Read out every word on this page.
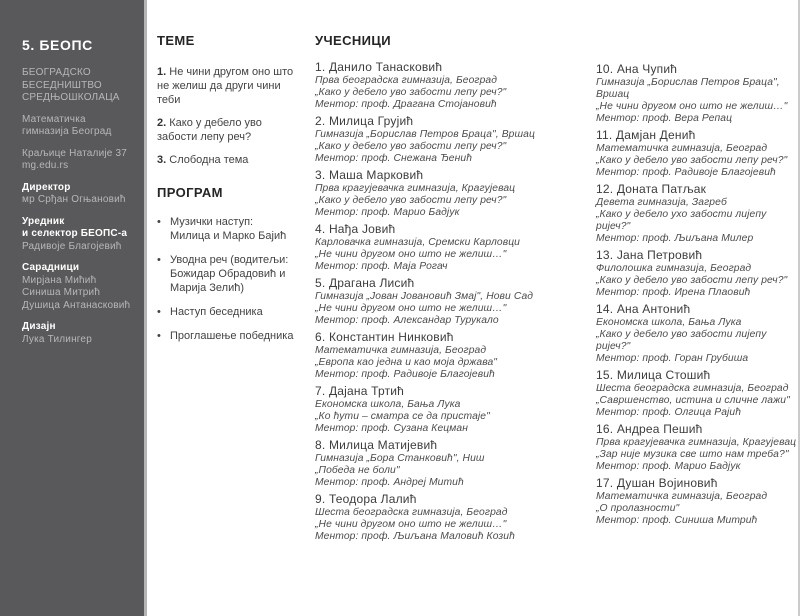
5. БЕОПС
БЕОГРАДСКО
БЕСЕДНИШТВО
СРЕДЊОШКОЛАЦА
Математичка
гимназија Београд
Краљице Наталије 37
mg.edu.rs
Директор
мр Срђан Огњановић
Уредник
и селектор БЕОПС-а
Радивоје Благојевић
Сарадници
Мирјана Мићић
Синиша Митрић
Душица Антанасковић
Дизајн
Лука Тилингер
ТЕМЕ
1. Не чини другом оно што не желиш да други чини теби
2. Како у дебело уво забости лепу реч?
3. Слободна тема
ПРОГРАМ
• Музички наступ: Милица и Марко Бајић
• Уводна реч (водитељи: Божидар Обрадовић и Марија Зелић)
• Наступ беседника
• Проглашење победника
УЧЕСНИЦИ
1. Данило Танасковић
Прва београдска гимназија, Београд
„Како у дебело уво забости лепу реч?"
Ментор: проф. Драгана Стојановић
2. Милица Грујић
Гимназија „Борислав Петров Браца", Вршац
„Како у дебело уво забости лепу реч?"
Ментор: проф. Снежана Ђенић
3. Маша Марковић
Прва крагујевачка гимназија, Крагујевац
„Како у дебело уво забости лепу реч?"
Ментор: проф. Марио Бадјук
4. Нађа Јовић
Карловачка гимназија, Сремски Карловци
„Не чини другом оно што не желиш…"
Ментор: проф. Маја Рогач
5. Драгана Лисић
Гимназија „Јован Јовановић Змај", Нови Сад
„Не чини другом оно што не желиш…"
Ментор: проф. Александар Турукало
6. Константин Нинковић
Математичка гимназија, Београд
„Европа као једна и као моја држава"
Ментор: проф. Радивоје Благојевић
7. Дајана Тртић
Економска школа, Бања Лука
„Ко ћути – сматра се да пристаје"
Ментор: проф. Сузана Кецман
8. Милица Матијевић
Гимназија „Бора Станковић", Ниш
„Победа не боли"
Ментор: проф. Андреј Митић
9. Теодора Лалић
Шеста београдска гимназија, Београд
„Не чини другом оно што не желиш…"
Ментор: проф. Љиљана Маловић Козић
10. Ана Чупић
Гимназија „Борислав Петров Браца", Вршац
„Не чини другом оно што не желиш…"
Ментор: проф. Вера Репац
11. Дамјан Денић
Математичка гимназија, Београд
„Како у дебело уво забости лепу реч?"
Ментор: проф. Радивоје Благојевић
12. Доната Патљак
Девета гимназија, Загреб
„Како у дебело ухо забости лијепу ријеч?"
Ментор: проф. Љиљана Милер
13. Јана Петровић
Филолошка гимназија, Београд
„Како у дебело уво забости лепу реч?"
Ментор: проф. Ирена Плаовић
14. Ана Антонић
Економска школа, Бања Лука
„Како у дебело уво забости лијепу ријеч?"
Ментор: проф. Горан Грубиша
15. Милица Стошић
Шеста београдска гимназија, Београд
„Савршенство, истина и сличне лажи"
Ментор: проф. Олгица Рајић
16. Андреа Пешић
Прва крагујевачка гимназија, Крагујевац
„Зар није музика све што нам треба?"
Ментор: проф. Марио Бадјук
17. Душан Војиновић
Математичка гимназија, Београд
„О пролазности"
Ментор: проф. Синиша Митрић
